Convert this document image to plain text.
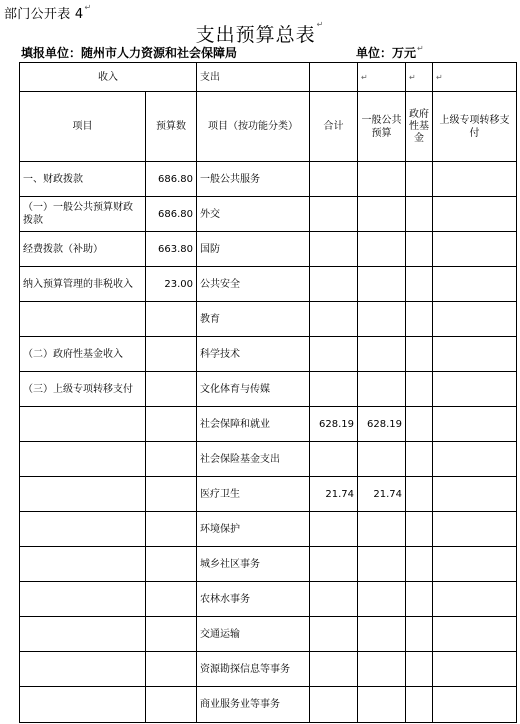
部门公开表 4↵
支出预算总表↵
填报单位：随州市人力资源和社会保障局	单位：万元↵
收入		支出		↵	↵	↵
项目	预算数	项目（按功能分类）	合计	一般公共预算	政府性基金	上级专项转移支付
一、财政拨款	686.80	一般公共服务				
（一）一般公共预算财政拨款	686.80	外交				
经费拨款（补助）	663.80	国防				
纳入预算管理的非税收入	23.00	公共安全				
		教育				
（二）政府性基金收入		科学技术				
（三）上级专项转移支付		文化体育与传媒				
		社会保障和就业	628.19	628.19		
		社会保险基金支出				
		医疗卫生	21.74	21.74		
		环境保护				
		城乡社区事务				
		农林水事务				
		交通运输				
		资源勘探信息等事务				
		商业服务业等事务				
